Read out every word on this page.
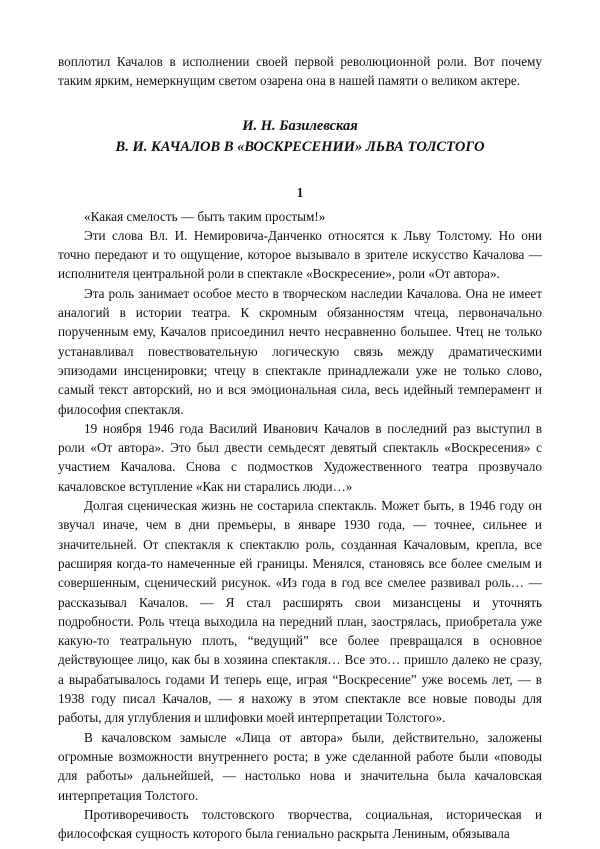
воплотил Качалов в исполнении своей первой революционной роли. Вот почему таким ярким, немеркнущим светом озарена она в нашей памяти о великом актере.

И. Н. Базилевская
В. И. КАЧАЛОВ В «ВОСКРЕСЕНИИ» ЛЬВА ТОЛСТОГО
1

«Какая смелость — быть таким простым!»

Эти слова Вл. И. Немировича-Данченко относятся к Льву Толстому. Но они точно передают и то ощущение, которое вызывало в зрителе искусство Качалова — исполнителя центральной роли в спектакле «Воскресение», роли «От автора».

Эта роль занимает особое место в творческом наследии Качалова. Она не имеет аналогий в истории театра. К скромным обязанностям чтеца, первоначально порученным ему, Качалов присоединил нечто несравненно большее. Чтец не только устанавливал повествовательную логическую связь между драматическими эпизодами инсценировки; чтецу в спектакле принадлежали уже не только слово, самый текст авторский, но и вся эмоциональная сила, весь идейный темперамент и философия спектакля.

19 ноября 1946 года Василий Иванович Качалов в последний раз выступил в роли «От автора». Это был двести семьдесят девятый спектакль «Воскресения» с участием Качалова. Снова с подмостков Художественного театра прозвучало качаловское вступление «Как ни старались люди…»

Долгая сценическая жизнь не состарила спектакль. Может быть, в 1946 году он звучал иначе, чем в дни премьеры, в январе 1930 года, — точнее, сильнее и значительней. От спектакля к спектаклю роль, созданная Качаловым, крепла, все расширяя когда-то намеченные ей границы. Менялся, становясь все более смелым и совершенным, сценический рисунок. «Из года в год все смелее развивал роль… — рассказывал Качалов. — Я стал расширять свои мизансцены и уточнять подробности. Роль чтеца выходила на передний план, заострялась, приобретала уже какую-то театральную плоть, “ведущий” все более превращался в основное действующее лицо, как бы в хозяина спектакля… Все это… пришло далеко не сразу, а вырабатывалось годами И теперь еще, играя “Воскресение” уже восемь лет, — в 1938 году писал Качалов, — я нахожу в этом спектакле все новые поводы для работы, для углубления и шлифовки моей интерпретации Толстого».

В качаловском замысле «Лица от автора» были, действительно, заложены огромные возможности внутреннего роста; в уже сделанной работе были «поводы для работы» дальнейшей, — настолько нова и значительна была качаловская интерпретация Толстого.

Противоречивость толстовского творчества, социальная, историческая и философская сущность которого была гениально раскрыта Лениным, обязывала
